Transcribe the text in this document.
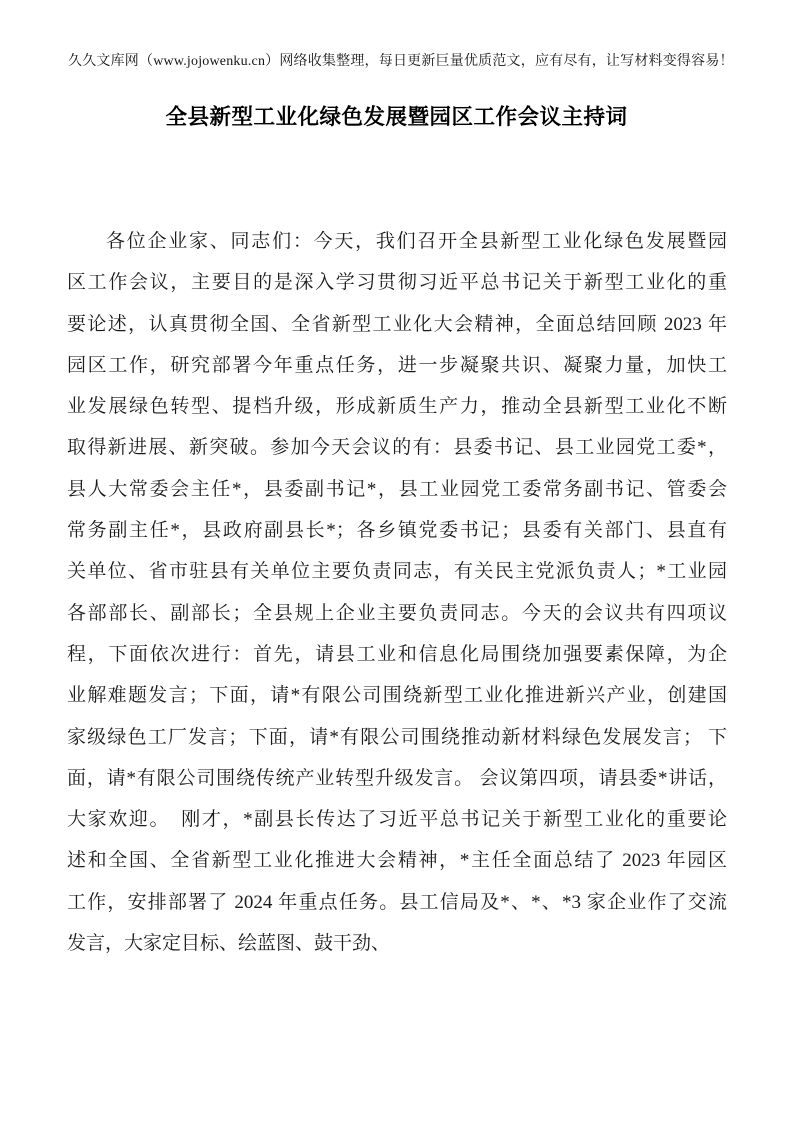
久久文库网（www.jojowenku.cn）网络收集整理，每日更新巨量优质范文，应有尽有，让写材料变得容易！
全县新型工业化绿色发展暨园区工作会议主持词
各位企业家、同志们：今天，我们召开全县新型工业化绿色发展暨园
区工作会议，主要目的是深入学习贯彻习近平总书记关于新型工业化的重
要论述，认真贯彻全国、全省新型工业化大会精神，全面总结回顾 2023 年
园区工作，研究部署今年重点任务，进一步凝聚共识、凝聚力量，加快工
业发展绿色转型、提档升级，形成新质生产力，推动全县新型工业化不断
取得新进展、新突破。参加今天会议的有：县委书记、县工业园党工委*，
县人大常委会主任*，县委副书记*，县工业园党工委常务副书记、管委会
常务副主任*，县政府副县长*；各乡镇党委书记；县委有关部门、县直有
关单位、省市驻县有关单位主要负责同志，有关民主党派负责人；*工业园
各部部长、副部长；全县规上企业主要负责同志。今天的会议共有四项议
程，下面依次进行：首先，请县工业和信息化局围绕加强要素保障，为企
业解难题发言；下面，请*有限公司围绕新型工业化推进新兴产业，创建国
家级绿色工厂发言；下面，请*有限公司围绕推动新材料绿色发展发言； 下
面，请*有限公司围绕传统产业转型升级发言。 会议第四项，请县委*讲话，
大家欢迎。　刚才，*副县长传达了习近平总书记关于新型工业化的重要论
述和全国、全省新型工业化推进大会精神，*主任全面总结了 2023 年园区
工作，安排部署了 2024 年重点任务。县工信局及*、*、*3 家企业作了交流
发言，大家定目标、绘蓝图、鼓干劲、
